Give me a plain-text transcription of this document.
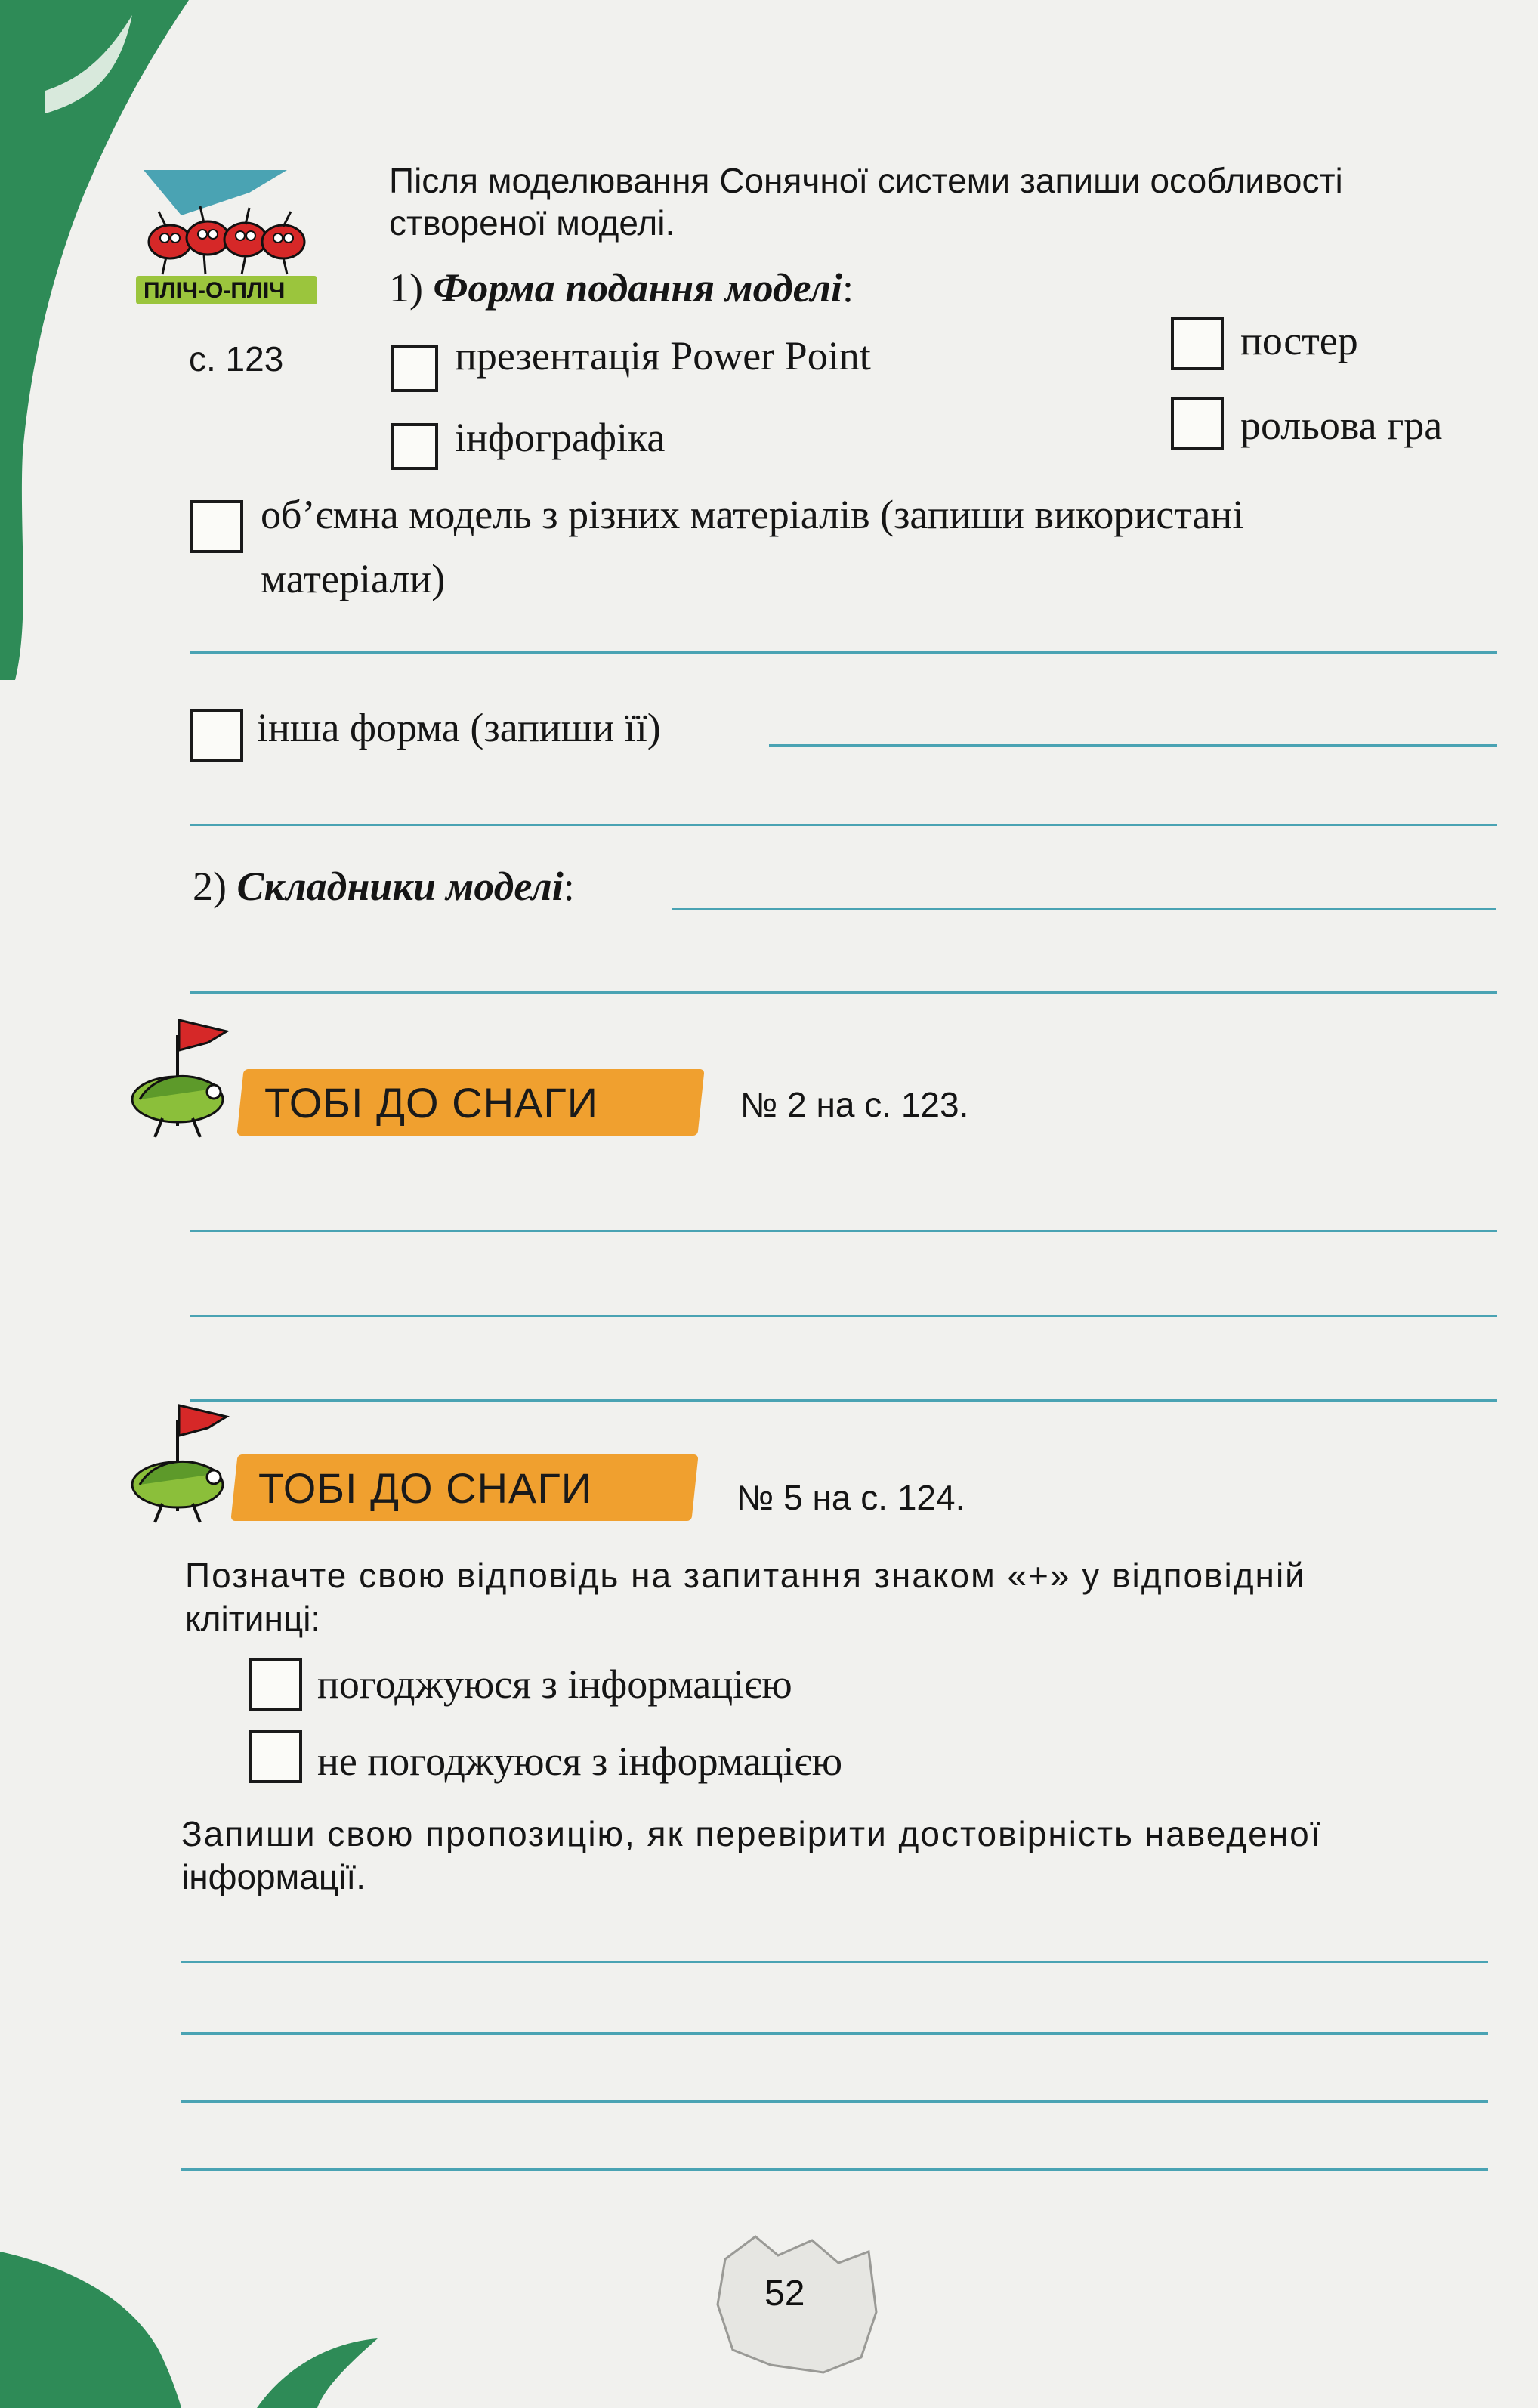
ПЛІЧ-О-ПЛІЧ
с. 123
Після моделювання Сонячної системи запиши особливості
створеної моделі.
1) Форма подання моделі:
презентація Power Point
інфографіка
постер
рольова гра
об’ємна модель з різних матеріалів (запиши використані
матеріали)
інша форма (запиши її)
2) Складники моделі:
ТОБІ ДО СНАГИ	№ 2 на с. 123.
ТОБІ ДО СНАГИ	№ 5 на с. 124.
Позначте свою відповідь на запитання знаком «+» у відповідній
клітинці:
погоджуюся з інформацією
не погоджуюся з інформацією
Запиши свою пропозицію, як перевірити достовірність наведеної
інформації.
52
